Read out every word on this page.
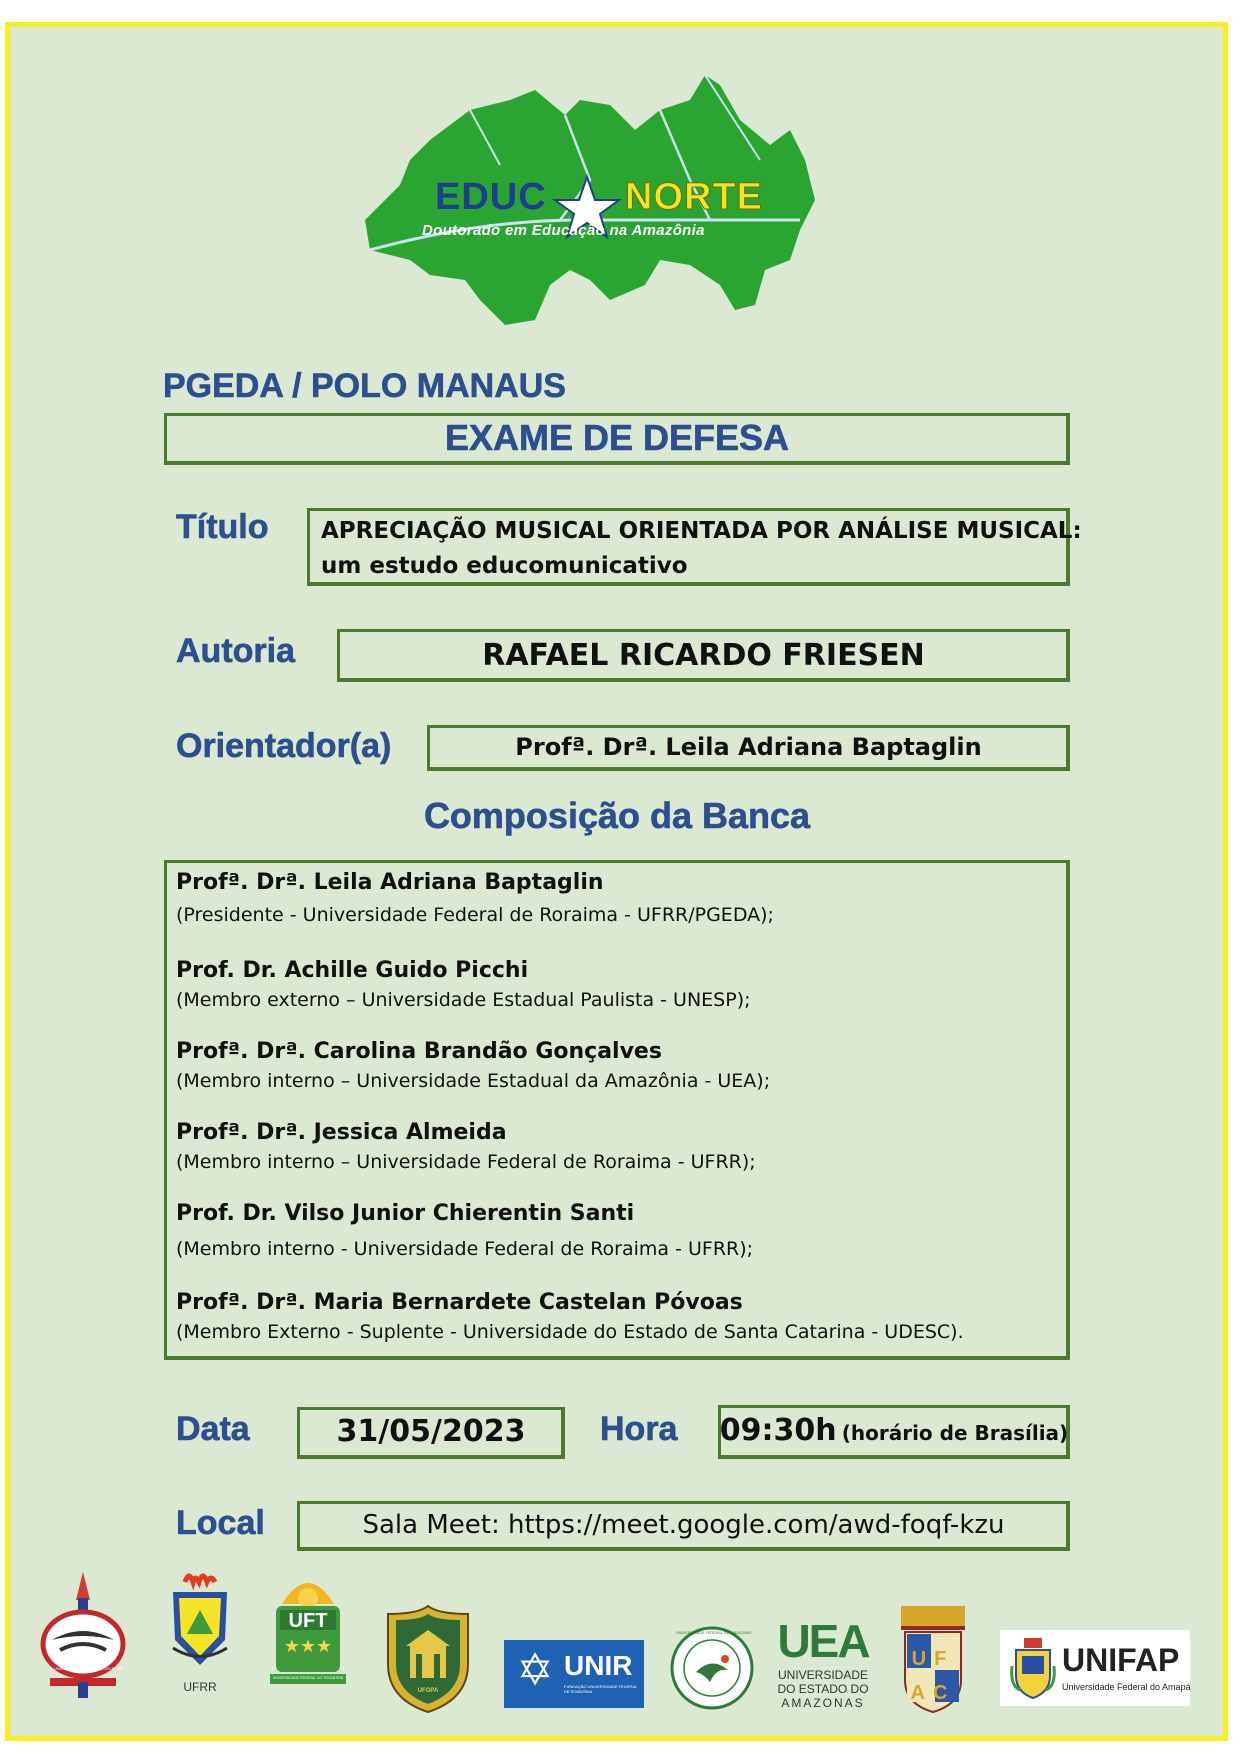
EDUC NORTE
Doutorado em Educação na Amazônia
PGEDA / POLO MANAUS
EXAME DE DEFESA
Título APRECIAÇÃO MUSICAL ORIENTADA POR ANÁLISE MUSICAL:
um estudo educomunicativo
Autoria	RAFAEL RICARDO FRIESEN
Orientador(a)	Profª. Drª. Leila Adriana Baptaglin
Composição da Banca
Profª. Drª. Leila Adriana Baptaglin
(Presidente - Universidade Federal de Roraima - UFRR/PGEDA);
Prof. Dr. Achille Guido Picchi
(Membro externo – Universidade Estadual Paulista - UNESP);
Profª. Drª. Carolina Brandão Gonçalves
(Membro interno – Universidade Estadual da Amazônia - UEA);
Profª. Drª. Jessica Almeida
(Membro interno – Universidade Federal de Roraima - UFRR);
Prof. Dr. Vilso Junior Chierentin Santi
(Membro interno - Universidade Federal de Roraima - UFRR);
Profª. Drª. Maria Bernardete Castelan Póvoas
(Membro Externo - Suplente - Universidade do Estado de Santa Catarina - UDESC).
Data	31/05/2023	Hora 09:30h (horário de Brasília)
Local	Sala Meet: https://meet.google.com/awd-foqf-kzu
UNIVERSIDADE FEDERAL DO PARÁ
UFRR
UFT
★★★
UNIVERSIDADE FEDERAL DO TOCANTINS
UFOPA	✡ UNIR
FUNDAÇÃO UNIVERSIDADE FEDERAL DE RONDÔNIA
UNIVERSIDADE FEDERAL DO AMAZONAS UEA
UNIVERSIDADE
DO ESTADO DO
AMAZONAS
UFAC
UNIFAP
Universidade Federal do Amapá
